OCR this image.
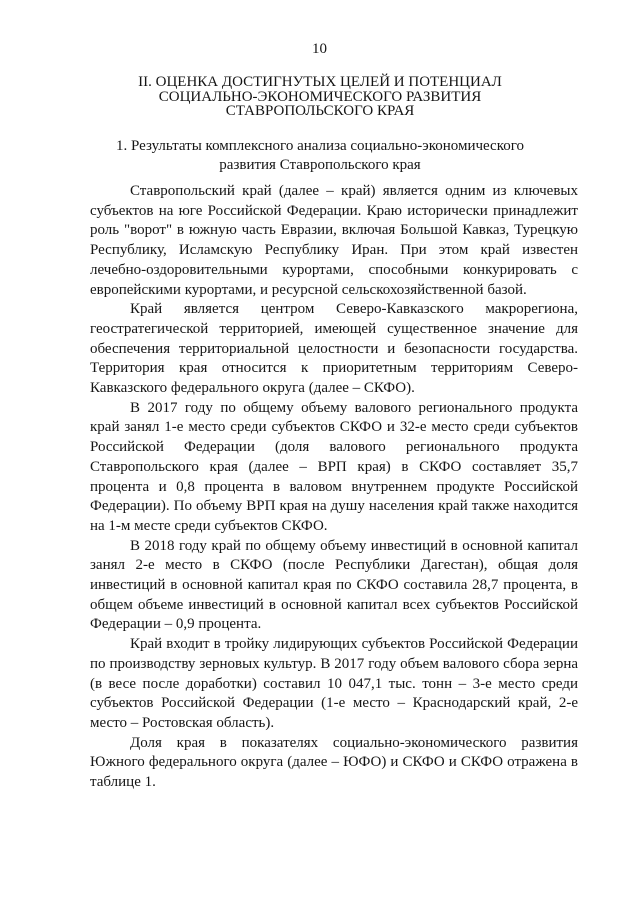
10
II. ОЦЕНКА ДОСТИГНУТЫХ ЦЕЛЕЙ И ПОТЕНЦИАЛ
СОЦИАЛЬНО-ЭКОНОМИЧЕСКОГО РАЗВИТИЯ
СТАВРОПОЛЬСКОГО КРАЯ
1. Результаты комплексного анализа социально-экономического
развития Ставропольского края

Ставропольский край (далее – край) является одним из ключевых субъектов на юге Российской Федерации. Краю исторически принадлежит роль "ворот" в южную часть Евразии, включая Большой Кавказ, Турецкую Республику, Исламскую Республику Иран. При этом край известен лечебно-оздоровительными курортами, способными конкурировать с европейскими курортами, и ресурсной сельскохозяйственной базой.

Край является центром Северо-Кавказского макрорегиона, геостратегической территорией, имеющей существенное значение для обеспечения территориальной целостности и безопасности государства. Территория края относится к приоритетным территориям Северо-Кавказского федерального округа (далее – СКФО).

В 2017 году по общему объему валового регионального продукта край занял 1-е место среди субъектов СКФО и 32-е место среди субъектов Российской Федерации (доля валового регионального продукта Ставропольского края (далее – ВРП края) в СКФО составляет 35,7 процента и 0,8 процента в валовом внутреннем продукте Российской Федерации). По объему ВРП края на душу населения край также находится на 1-м месте среди субъектов СКФО.

В 2018 году край по общему объему инвестиций в основной капитал занял 2-е место в СКФО (после Республики Дагестан), общая доля инвестиций в основной капитал края по СКФО составила 28,7 процента, в общем объеме инвестиций в основной капитал всех субъектов Российской Федерации – 0,9 процента.

Край входит в тройку лидирующих субъектов Российской Федерации по производству зерновых культур. В 2017 году объем валового сбора зерна (в весе после доработки) составил 10 047,1 тыс. тонн – 3-е место среди субъектов Российской Федерации (1-е место – Краснодарский край, 2-е место – Ростовская область).

Доля края в показателях социально-экономического развития Южного федерального округа (далее – ЮФО) и СКФО и СКФО отражена в таблице 1.
